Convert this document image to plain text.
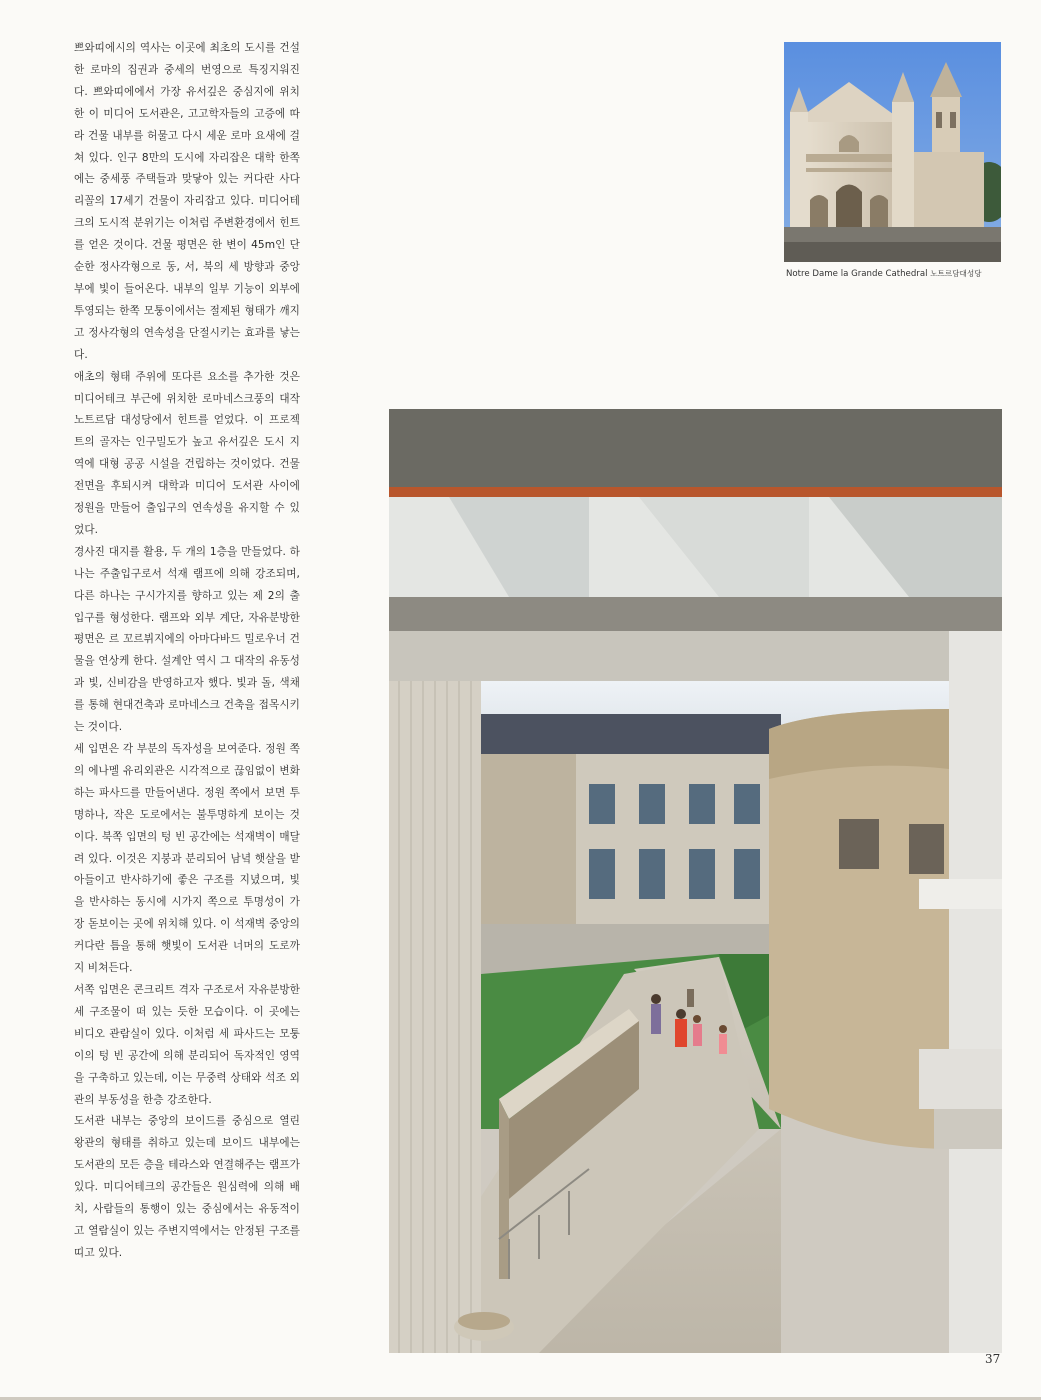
쁘와띠에시의 역사는 이곳에 최초의 도시를 건설한 로마의 집권과 중세의 번영으로 특징지워진다. 쁘와띠에에서 가장 유서깊은 중심지에 위치한 이 미디어 도서관은, 고고학자들의 고증에 따라 건물 내부를 허물고 다시 세운 로마 요새에 걸쳐 있다. 인구 8만의 도시에 자리잡은 대학 한쪽에는 중세풍 주택들과 맞닿아 있는 커다란 사다리꼴의 17세기 건물이 자리잡고 있다. 미디어테크의 도시적 분위기는 이처럼 주변환경에서 힌트를 얻은 것이다. 건물 평면은 한 변이 45m인 단순한 정사각형으로 동, 서, 북의 세 방향과 중앙부에 빛이 들어온다. 내부의 일부 기능이 외부에 투영되는 한쪽 모퉁이에서는 절제된 형태가 깨지고 정사각형의 연속성을 단절시키는 효과를 낳는다.

애초의 형태 주위에 또다른 요소를 추가한 것은 미디어테크 부근에 위치한 로마네스크풍의 대작 노트르담 대성당에서 힌트를 얻었다. 이 프로젝트의 골자는 인구밀도가 높고 유서깊은 도시 지역에 대형 공공 시설을 건립하는 것이었다. 건물 전면을 후퇴시켜 대학과 미디어 도서관 사이에 정원을 만들어 출입구의 연속성을 유지할 수 있었다.

경사진 대지를 활용, 두 개의 1층을 만들었다. 하나는 주출입구로서 석재 램프에 의해 강조되며, 다른 하나는 구시가지를 향하고 있는 제 2의 출입구를 형성한다. 램프와 외부 계단, 자유분방한 평면은 르 꼬르뷔지에의 아마다바드 밀로우너 건물을 연상케 한다. 설계안 역시 그 대작의 유동성과 빛, 신비감을 반영하고자 했다. 빛과 돌, 색채를 통해 현대건축과 로마네스크 건축을 접목시키는 것이다.

세 입면은 각 부분의 독자성을 보여준다. 정원 쪽의 에나멜 유리외관은 시각적으로 끊임없이 변화하는 파사드를 만들어낸다. 정원 쪽에서 보면 투명하나, 작은 도로에서는 불투명하게 보이는 것이다. 북쪽 입면의 텅 빈 공간에는 석재벽이 매달려 있다. 이것은 지붕과 분리되어 남녘 햇살을 받아들이고 반사하기에 좋은 구조를 지녔으며, 빛을 반사하는 동시에 시가지 쪽으로 투명성이 가장 돋보이는 곳에 위치해 있다. 이 석재벽 중앙의 커다란 틈을 통해 햇빛이 도서관 너머의 도로까지 비쳐든다.

서쪽 입면은 콘크리트 격자 구조로서 자유분방한 세 구조물이 떠 있는 듯한 모습이다. 이 곳에는 비디오 관람실이 있다. 이처럼 세 파사드는 모퉁이의 텅 빈 공간에 의해 분리되어 독자적인 영역을 구축하고 있는데, 이는 무중력 상태와 석조 외관의 부동성을 한층 강조한다.

도서관 내부는 중앙의 보이드를 중심으로 열린 왕관의 형태를 취하고 있는데 보이드 내부에는 도서관의 모든 층을 테라스와 연결해주는 램프가 있다. 미디어테크의 공간들은 원심력에 의해 배치, 사람들의 통행이 있는 중심에서는 유동적이고 열람실이 있는 주변지역에서는 안정된 구조를 띠고 있다.

Notre Dame la Grande Cathedral 노트르담대성당
37
